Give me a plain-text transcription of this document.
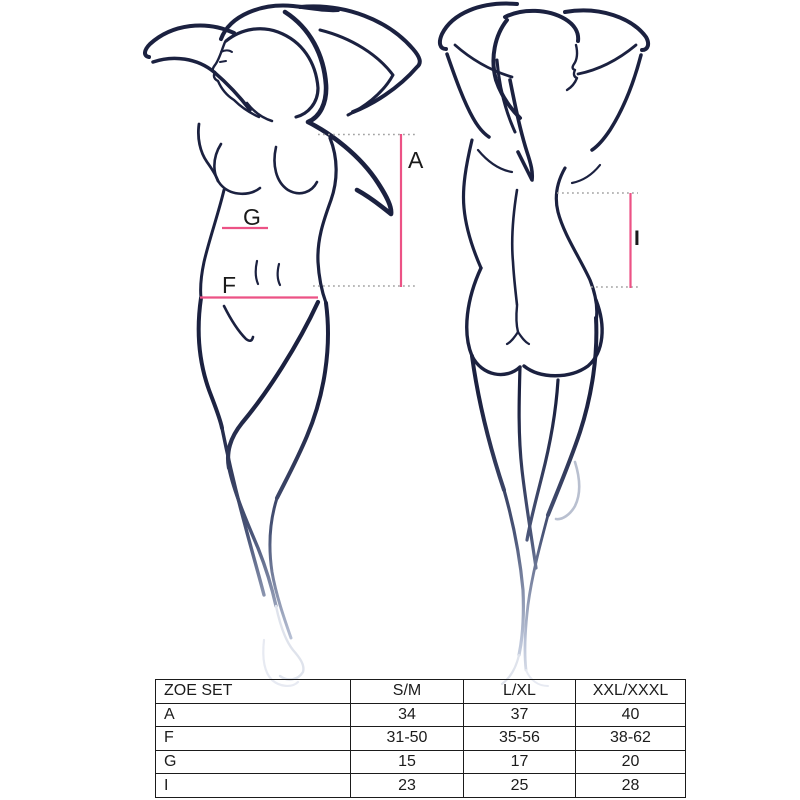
A
G
F
I
ZOE SET	S/M	L/XL	XXL/XXXL
A	34	37	40
F	31-50	35-56	38-62
G	15	17	20
I	23	25	28
